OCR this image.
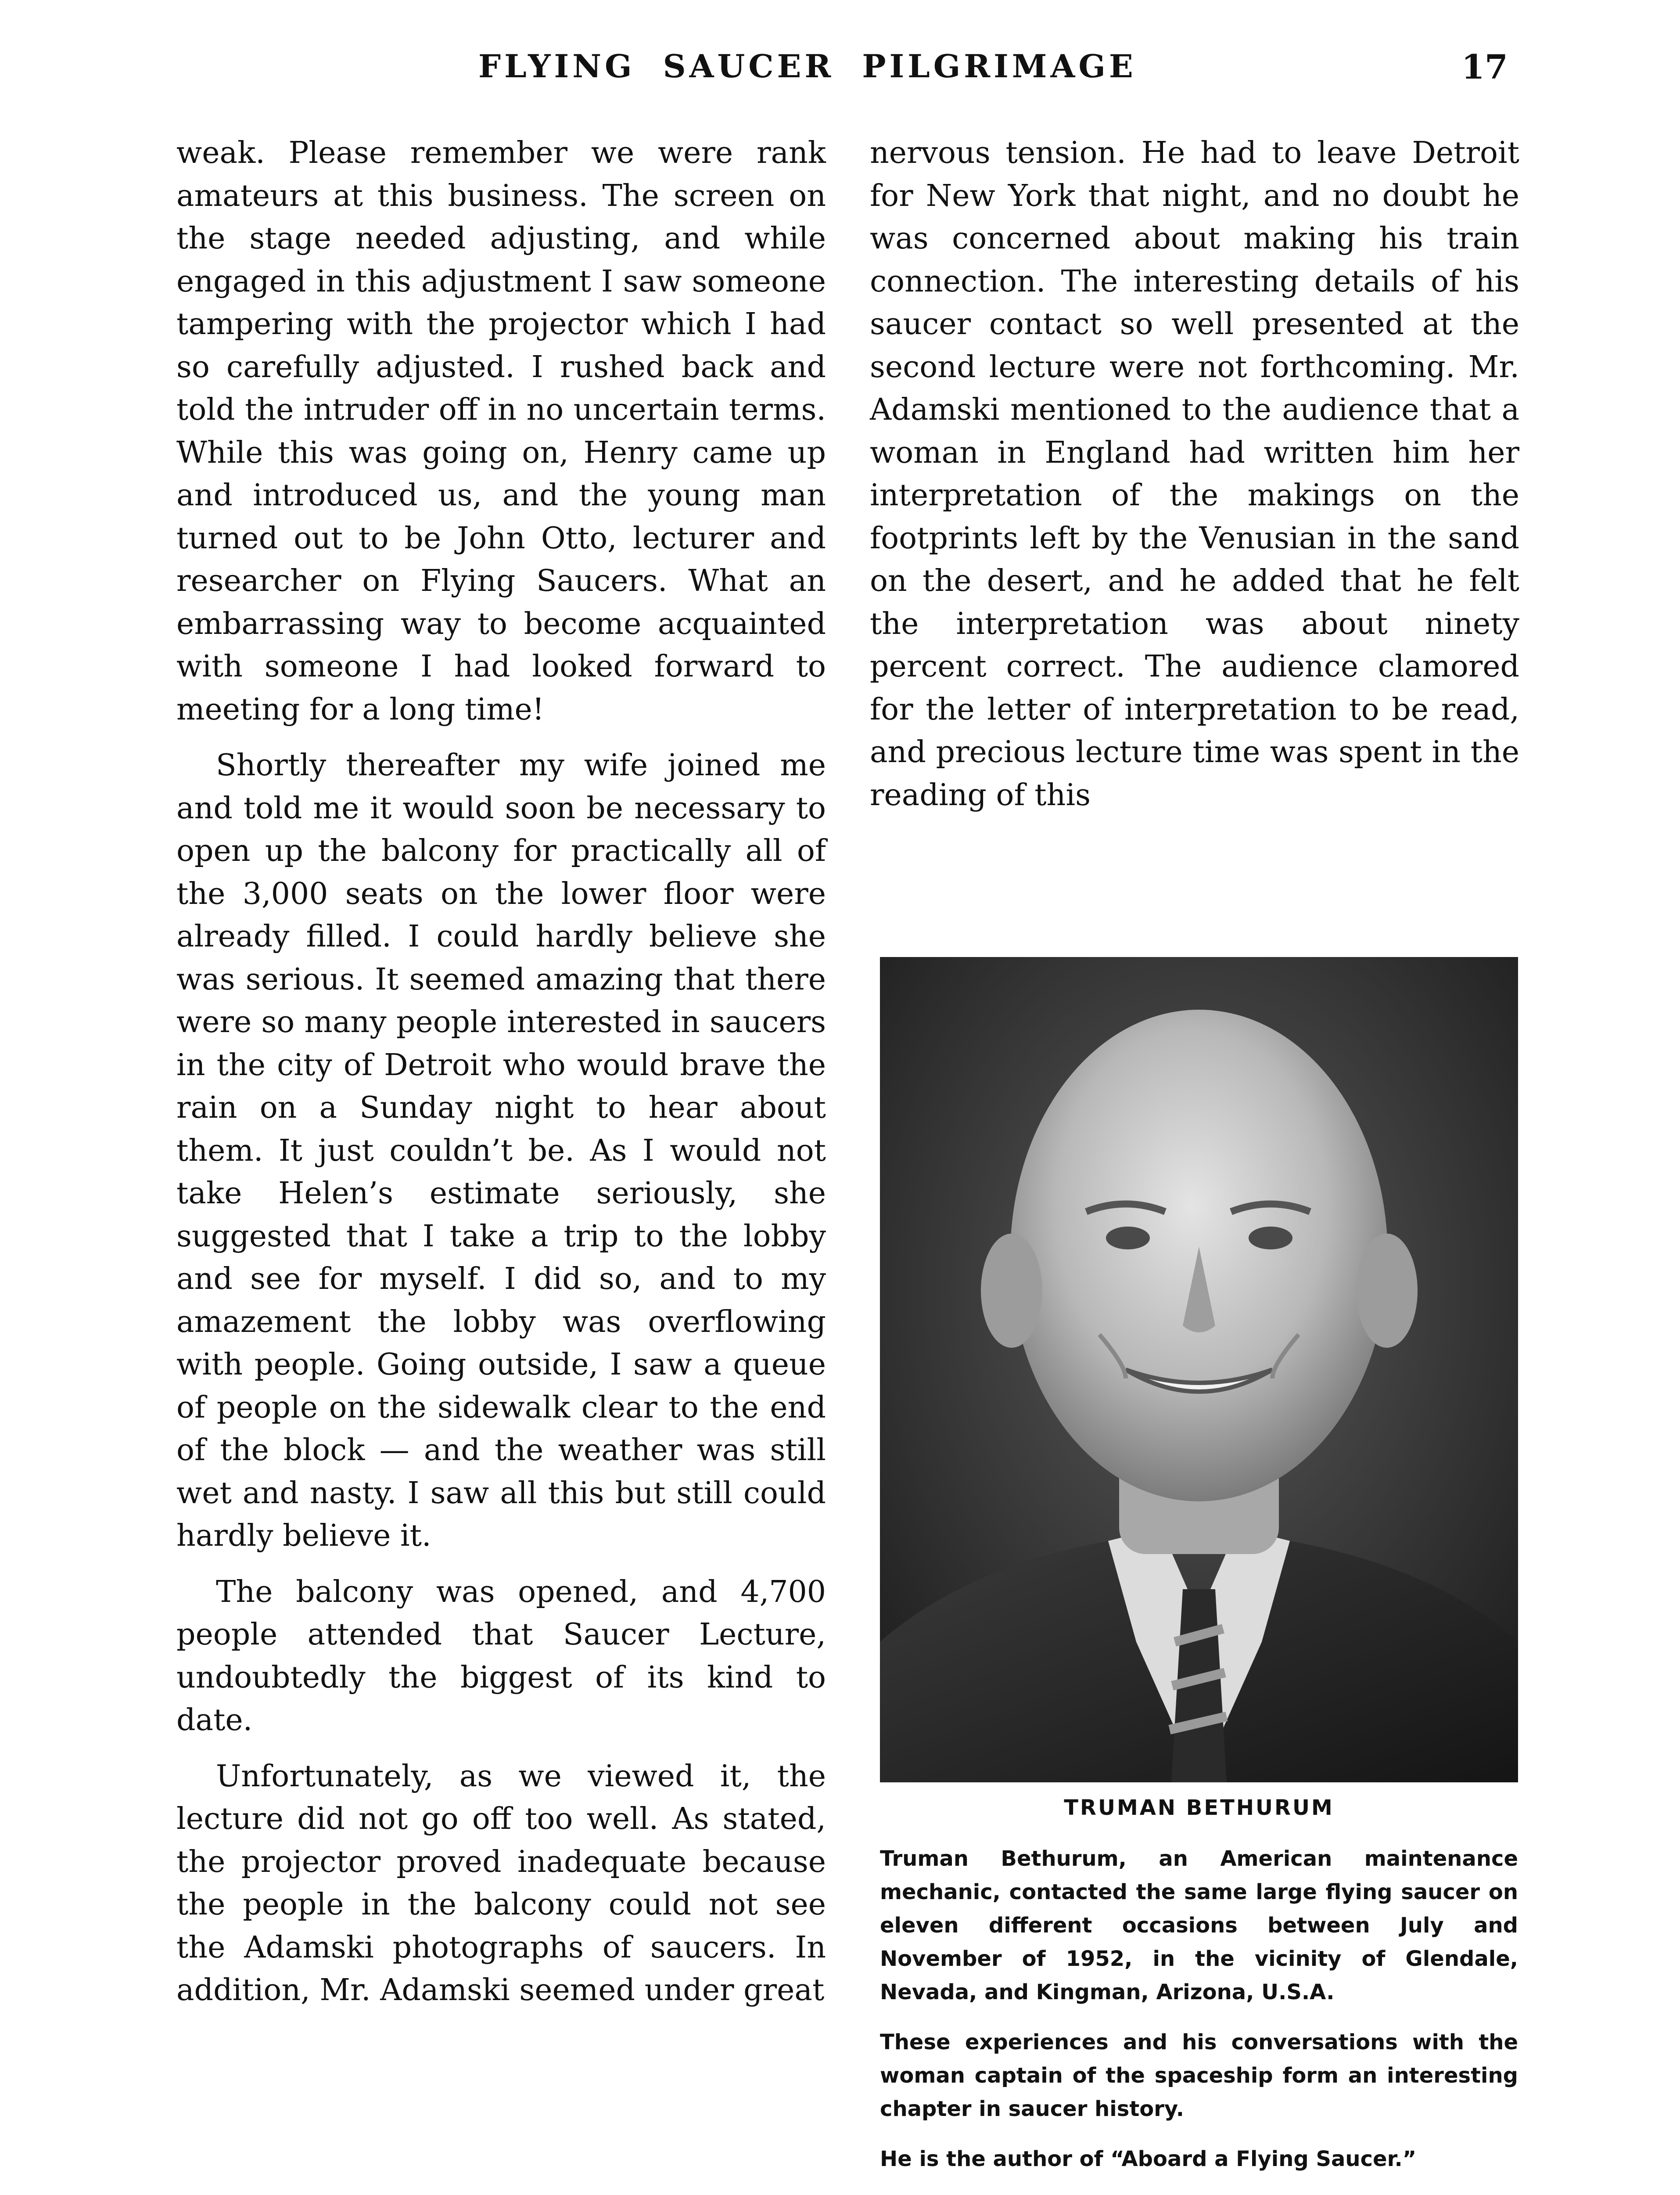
FLYING SAUCER PILGRIMAGE	17

weak. Please remember we were rank amateurs at this business. The screen on the stage needed adjusting, and while engaged in this adjustment I saw someone tampering with the projector which I had so carefully adjusted. I rushed back and told the intruder off in no uncertain terms. While this was going on, Henry came up and introduced us, and the young man turned out to be John Otto, lecturer and researcher on Flying Saucers. What an embarrassing way to become acquainted with someone I had looked forward to meeting for a long time!

Shortly thereafter my wife joined me and told me it would soon be necessary to open up the balcony for practically all of the 3,000 seats on the lower floor were already filled. I could hardly believe she was serious. It seemed amazing that there were so many people interested in saucers in the city of Detroit who would brave the rain on a Sunday night to hear about them. It just couldn’t be. As I would not take Helen’s estimate seriously, she suggested that I take a trip to the lobby and see for myself. I did so, and to my amazement the lobby was overflowing with people. Going outside, I saw a queue of people on the sidewalk clear to the end of the block — and the weather was still wet and nasty. I saw all this but still could hardly believe it.

The balcony was opened, and 4,700 people attended that Saucer Lecture, undoubtedly the biggest of its kind to date.

Unfortunately, as we viewed it, the lecture did not go off too well. As stated, the projector proved inadequate because the people in the balcony could not see the Adamski photographs of saucers. In addition, Mr. Adamski seemed under great

nervous tension. He had to leave Detroit for New York that night, and no doubt he was concerned about making his train connection. The interesting details of his saucer contact so well presented at the second lecture were not forthcoming. Mr. Adamski mentioned to the audience that a woman in England had written him her interpretation of the makings on the footprints left by the Venusian in the sand on the desert, and he added that he felt the interpretation was about ninety percent correct. The audience clamored for the letter of interpretation to be read, and precious lecture time was spent in the reading of this

TRUMAN BETHURUM

Truman Bethurum, an American maintenance mechanic, contacted the same large flying saucer on eleven different occasions between July and November of 1952, in the vicinity of Glendale, Nevada, and Kingman, Arizona, U.S.A.

These experiences and his conversations with the woman captain of the spaceship form an interesting chapter in saucer history.

He is the author of “Aboard a Flying Saucer.”
